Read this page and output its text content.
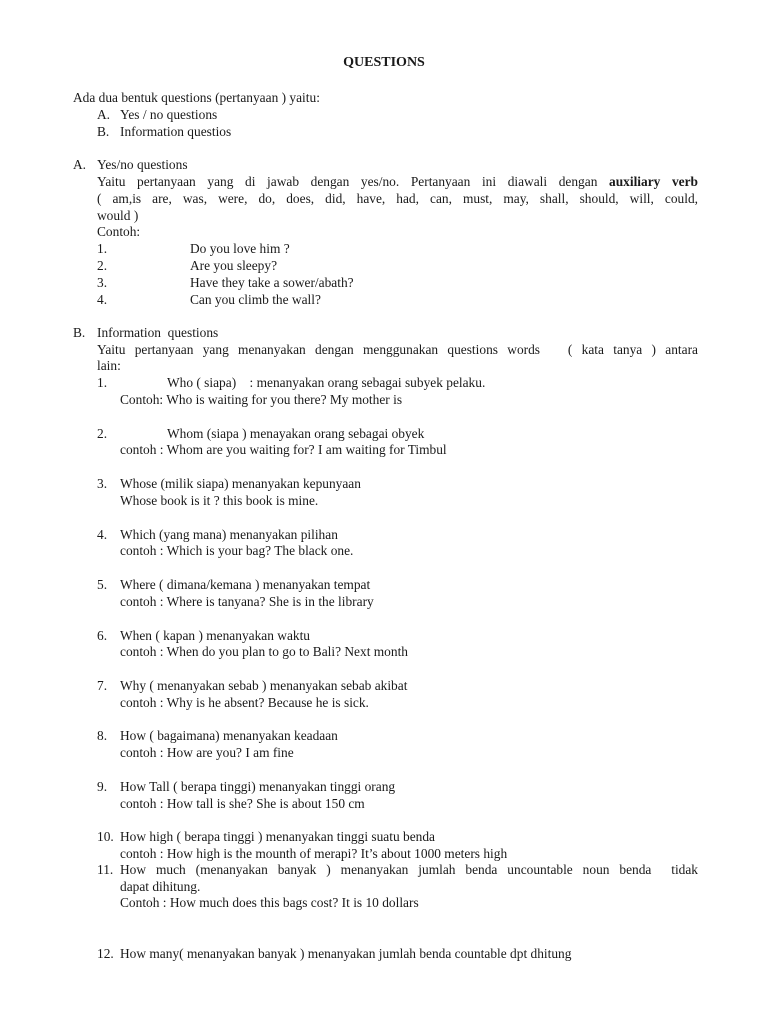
QUESTIONS
Ada dua bentuk questions (pertanyaan ) yaitu:
A. Yes / no questions
B. Information questios
A. Yes/no questions
Yaitu pertanyaan yang di jawab dengan yes/no. Pertanyaan ini diawali dengan auxiliary verb
( am,is are, was, were, do, does, did, have, had, can, must, may, shall, should, will, could,
would )
Contoh:
1.	Do you love him ?
2.	Are you sleepy?
3.	Have they take a sower/abath?
4.	Can you climb the wall?
B. Information  questions
Yaitu pertanyaan yang menanyakan dengan menggunakan questions words   ( kata tanya ) antara
lain:
1.	Who ( siapa)    : menanyakan orang sebagai subyek pelaku.
Contoh: Who is waiting for you there? My mother is
2.	Whom (siapa ) menayakan orang sebagai obyek
contoh : Whom are you waiting for? I am waiting for Timbul
3. Whose (milik siapa) menanyakan kepunyaan
Whose book is it ? this book is mine.
4. Which (yang mana) menanyakan pilihan
contoh : Which is your bag? The black one.
5. Where ( dimana/kemana ) menanyakan tempat
contoh : Where is tanyana? She is in the library
6. When ( kapan ) menanyakan waktu
contoh : When do you plan to go to Bali? Next month
7. Why ( menanyakan sebab ) menanyakan sebab akibat
contoh : Why is he absent? Because he is sick.
8. How ( bagaimana) menanyakan keadaan
contoh : How are you? I am fine
9. How Tall ( berapa tinggi) menanyakan tinggi orang
contoh : How tall is she? She is about 150 cm
10. How high ( berapa tinggi ) menanyakan tinggi suatu benda
contoh : How high is the mounth of merapi? It’s about 1000 meters high
11. How much (menanyakan banyak ) menanyakan jumlah benda uncountable noun benda  tidak
dapat dihitung.
Contoh : How much does this bags cost? It is 10 dollars
12. How many( menanyakan banyak ) menanyakan jumlah benda countable dpt dhitung
